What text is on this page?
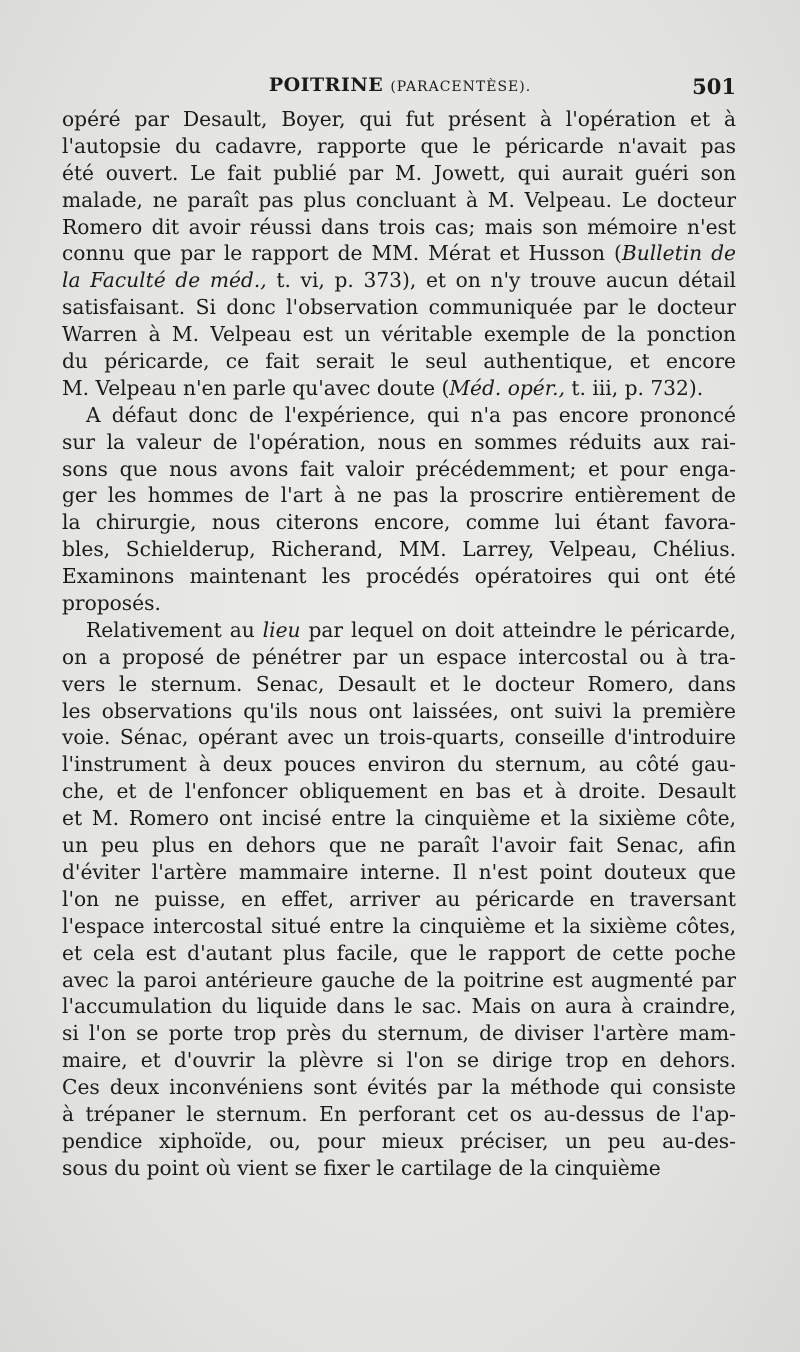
POITRINE (PARACENTÈSE).	501
opéré par Desault, Boyer, qui fut présent à l'opération et à
l'autopsie du cadavre, rapporte que le péricarde n'avait pas
été ouvert. Le fait publié par M. Jowett, qui aurait guéri son
malade, ne paraît pas plus concluant à M. Velpeau. Le docteur
Romero dit avoir réussi dans trois cas; mais son mémoire n'est
connu que par le rapport de MM. Mérat et Husson (Bulletin de
la Faculté de méd., t. vi, p. 373), et on n'y trouve aucun détail
satisfaisant. Si donc l'observation communiquée par le docteur
Warren à M. Velpeau est un véritable exemple de la ponction
du péricarde, ce fait serait le seul authentique, et encore
M. Velpeau n'en parle qu'avec doute (Méd. opér., t. iii, p. 732).
A défaut donc de l'expérience, qui n'a pas encore prononcé
sur la valeur de l'opération, nous en sommes réduits aux rai-
sons que nous avons fait valoir précédemment; et pour enga-
ger les hommes de l'art à ne pas la proscrire entièrement de
la chirurgie, nous citerons encore, comme lui étant favora-
bles, Schielderup, Richerand, MM. Larrey, Velpeau, Chélius.
Examinons maintenant les procédés opératoires qui ont été
proposés.
Relativement au lieu par lequel on doit atteindre le péricarde,
on a proposé de pénétrer par un espace intercostal ou à tra-
vers le sternum. Senac, Desault et le docteur Romero, dans
les observations qu'ils nous ont laissées, ont suivi la première
voie. Sénac, opérant avec un trois-quarts, conseille d'introduire
l'instrument à deux pouces environ du sternum, au côté gau-
che, et de l'enfoncer obliquement en bas et à droite. Desault
et M. Romero ont incisé entre la cinquième et la sixième côte,
un peu plus en dehors que ne paraît l'avoir fait Senac, afin
d'éviter l'artère mammaire interne. Il n'est point douteux que
l'on ne puisse, en effet, arriver au péricarde en traversant
l'espace intercostal situé entre la cinquième et la sixième côtes,
et cela est d'autant plus facile, que le rapport de cette poche
avec la paroi antérieure gauche de la poitrine est augmenté par
l'accumulation du liquide dans le sac. Mais on aura à craindre,
si l'on se porte trop près du sternum, de diviser l'artère mam-
maire, et d'ouvrir la plèvre si l'on se dirige trop en dehors.
Ces deux inconvéniens sont évités par la méthode qui consiste
à trépaner le sternum. En perforant cet os au-dessus de l'ap-
pendice xiphoïde, ou, pour mieux préciser, un peu au-des-
sous du point où vient se fixer le cartilage de la cinquième
